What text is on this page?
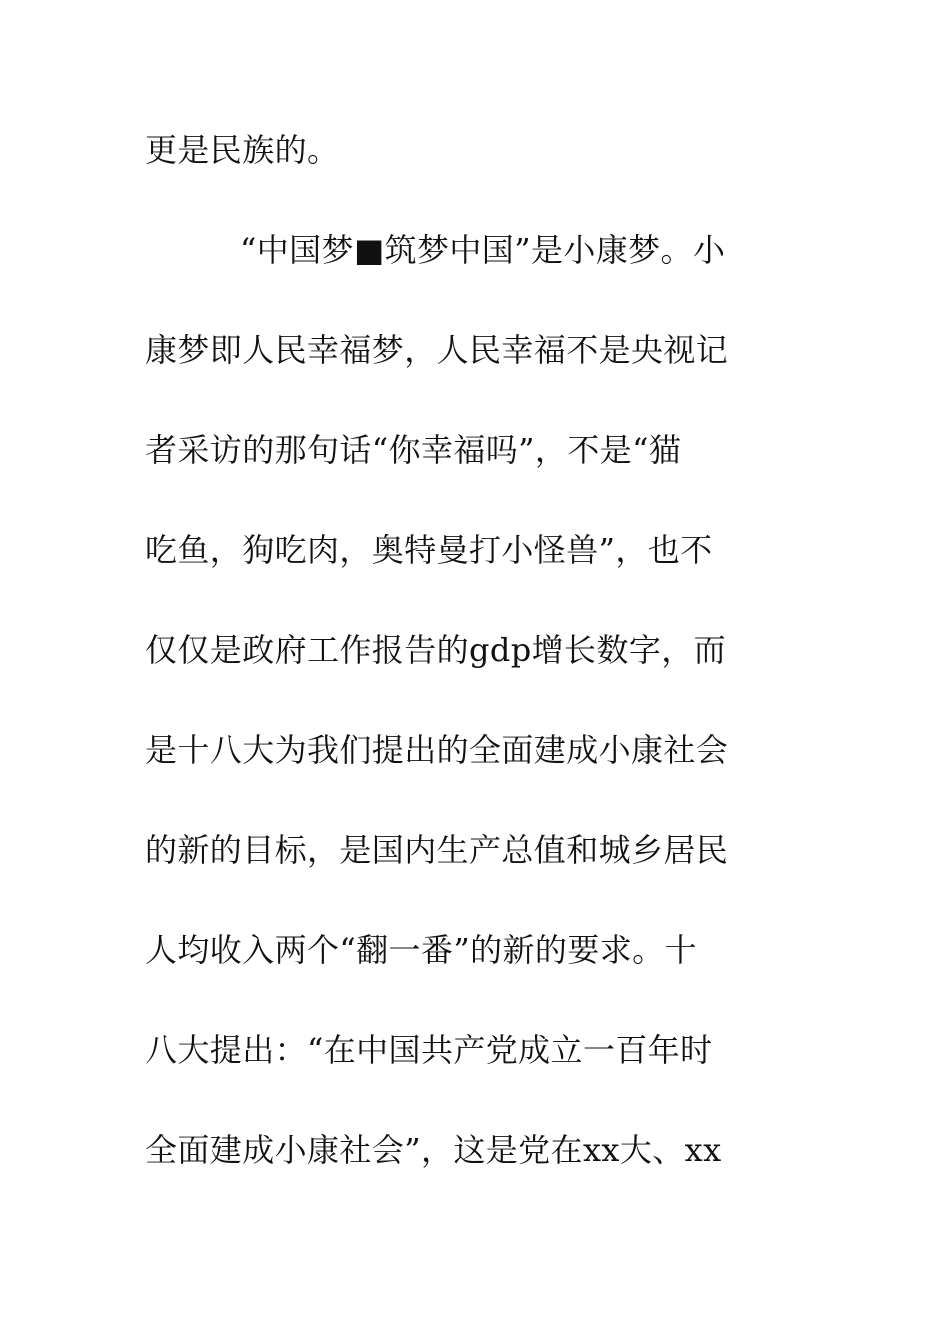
更是民族的。
“中国梦■筑梦中国”是小康梦。小
康梦即人民幸福梦，人民幸福不是央视记
者采访的那句话“你幸福吗”，不是“猫
吃鱼，狗吃肉，奥特曼打小怪兽”，也不
仅仅是政府工作报告的gdp增长数字，而
是十八大为我们提出的全面建成小康社会
的新的目标，是国内生产总值和城乡居民
人均收入两个“翻一番”的新的要求。十
八大提出：“在中国共产党成立一百年时
全面建成小康社会”，这是党在xx大、xx
